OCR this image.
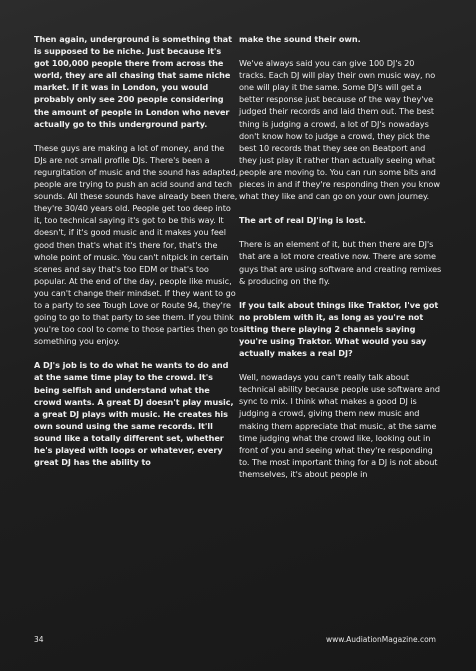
Then again, underground is something that is supposed to be niche. Just because it's got 100,000 people there from across the world, they are all chasing that same niche market. If it was in London, you would probably only see 200 people considering the amount of people in London who never actually go to this underground party.

These guys are making a lot of money, and the DJs are not small profile DJs. There's been a regurgitation of music and the sound has adapted, people are trying to push an acid sound and tech sounds. All these sounds have already been there, they're 30/40 years old. People get too deep into it, too technical saying it's got to be this way. It doesn't, if it's good music and it makes you feel good then that's what it's there for, that's the whole point of music. You can't nitpick in certain scenes and say that's too EDM or that's too popular. At the end of the day, people like music, you can't change their mindset. If they want to go to a party to see Tough Love or Route 94, they're going to go to that party to see them. If you think you're too cool to come to those parties then go to something you enjoy.

A DJ's job is to do what he wants to do and at the same time play to the crowd. It's being selfish and understand what the crowd wants. A great DJ doesn't play music, a great DJ plays with music. He creates his own sound using the same records. It'll sound like a totally different set, whether he's played with loops or whatever, every great DJ has the ability to

make the sound their own.

We've always said you can give 100 DJ's 20 tracks. Each DJ will play their own music way, no one will play it the same. Some DJ's will get a better response just because of the way they've judged their records and laid them out. The best thing is judging a crowd, a lot of DJ's nowadays don't know how to judge a crowd, they pick the best 10 records that they see on Beatport and they just play it rather than actually seeing what people are moving to. You can run some bits and pieces in and if they're responding then you know what they like and can go on your own journey.

The art of real DJ'ing is lost.

There is an element of it, but then there are DJ's that are a lot more creative now. There are some guys that are using software and creating remixes & producing on the fly.

If you talk about things like Traktor, I've got no problem with it, as long as you're not sitting there playing 2 channels saying you're using Traktor. What would you say actually makes a real DJ?

Well, nowadays you can't really talk about technical ability because people use software and sync to mix. I think what makes a good DJ is judging a crowd, giving them new music and making them appreciate that music, at the same time judging what the crowd like, looking out in front of you and seeing what they're responding to. The most important thing for a DJ is not about themselves, it's about people in

34	www.AudiationMagazine.com
